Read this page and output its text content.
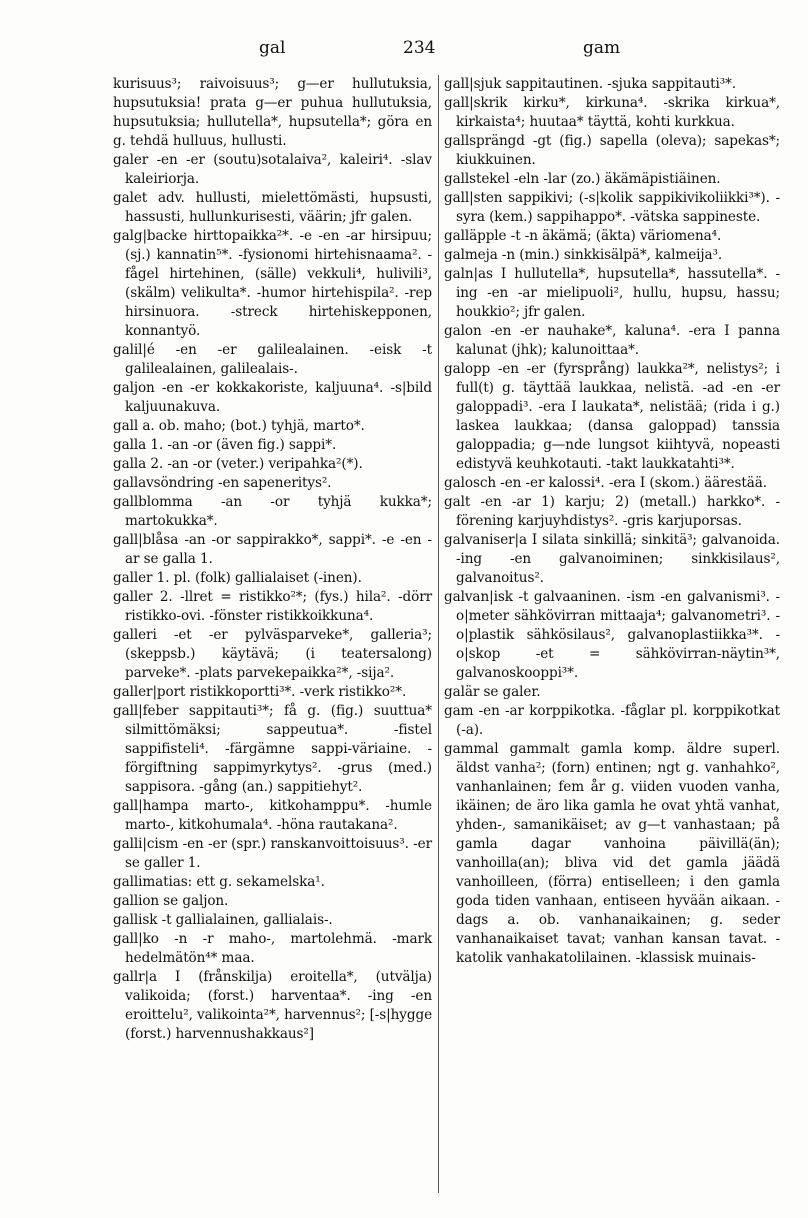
gal	234	gam

kurisuus³; raivoisuus³; g—er hullutuksia, hupsutuksia! prata g—er puhua hullutuksia, hupsutuksia; hullutella*, hupsutella*; göra en g. tehdä hulluus, hullusti.

galer -en -er (soutu)sotalaiva², kaleiri⁴. -slav kaleiriorja.

galet adv. hullusti, mielettömästi, hupsusti, hassusti, hullunkurisesti, väärin; jfr galen.

galg|backe hirttopaikka²*. -e -en -ar hirsipuu; (sj.) kannatin⁵*. -fysionomi hirtehisnaama². -fågel hirtehinen, (sälle) vekkuli⁴, hulivili³, (skälm) velikulta*. -humor hirtehispila². -rep hirsinuora. -streck hirtehiskepponen, konnantyö.

galil|é -en -er galilealainen. -eisk -t galilealainen, galilealais-.

galjon -en -er kokkakoriste, kaljuuna⁴. -s|bild kaljuunakuva.

gall a. ob. maho; (bot.) tyhjä, marto*.

galla 1. -an -or (även fig.) sappi*.

galla 2. -an -or (veter.) veripahka²(*).

gallavsöndring -en sapeneritys².

gallblomma -an -or tyhjä kukka*; martokukka*.

gall|blåsa -an -or sappirakko*, sappi*. -e -en -ar se galla 1.

galler 1. pl. (folk) gallialaiset (-inen).

galler 2. -llret = ristikko²*; (fys.) hila². -dörr ristikko-ovi. -fönster ristikkoikkuna⁴.

galleri -et -er pylväsparveke*, galleria³; (skeppsb.) käytävä; (i teatersalong) parveke*. -plats parvekepaikka²*, -sija².

galler|port ristikkoportti³*. -verk ristikko²*.

gall|feber sappitauti³*; få g. (fig.) suuttua* silmittömäksi; sappeutua*. -fistel sappifisteli⁴. -färgämne sappi-väriaine. -förgiftning sappimyrkytys². -grus (med.) sappisora. -gång (an.) sappitiehyt².

gall|hampa marto-, kitkohamppu*. -humle marto-, kitkohumala⁴. -höna rautakana².

galli|cism -en -er (spr.) ranskanvoittoisuus³. -er se galler 1.

gallimatias: ett g. sekamelska¹.

gallion se galjon.

gallisk -t gallialainen, gallialais-.

gall|ko -n -r maho-, martolehmä. -mark hedelmätön⁴* maa.

gallr|a I (frånskilja) eroitella*, (utvälja) valikoida; (forst.) harventaa*. -ing -en eroittelu², valikointa²*, harvennus²; [-s|hygge (forst.) harvennushakkaus²]

gall|sjuk sappitautinen. -sjuka sappitauti³*.

gall|skrik kirku*, kirkuna⁴. -skrika kirkua*, kirkaista⁴; huutaa* täyttä, kohti kurkkua.

gallsprängd -gt (fig.) sapella (oleva); sapekas*; kiukkuinen.

gallstekel -eln -lar (zo.) äkämäpistiäinen.

gall|sten sappikivi; (-s|kolik sappikivikoliikki³*). -syra (kem.) sappihappo*. -vätska sappineste.

galläpple -t -n äkämä; (äkta) väriomena⁴.

galmeja -n (min.) sinkkisälpä*, kalmeija³.

galn|as I hullutella*, hupsutella*, hassutella*. -ing -en -ar mielipuoli², hullu, hupsu, hassu; houkkio²; jfr galen.

galon -en -er nauhake*, kaluna⁴. -era I panna kalunat (jhk); kalunoittaa*.

galopp -en -er (fyrsprång) laukka²*, nelistys²; i full(t) g. täyttää laukkaa, nelistä. -ad -en -er galoppadi³. -era I laukata*, nelistää; (rida i g.) laskea laukkaa; (dansa galoppad) tanssia galoppadia; g—nde lungsot kiihtyvä, nopeasti edistyvä keuhkotauti. -takt laukkatahti³*.

galosch -en -er kalossi⁴. -era I (skom.) äärestää.

galt -en -ar 1) karju; 2) (metall.) harkko*. -förening karjuyhdistys². -gris karjuporsas.

galvaniser|a I silata sinkillä; sinkitä³; galvanoida. -ing -en galvanoiminen; sinkkisilaus², galvanoitus².

galvan|isk -t galvaaninen. -ism -en galvanismi³. -o|meter sähkövirran mittaaja⁴; galvanometri³. -o|plastik sähkösilaus², galvanoplastiikka³*. -o|skop -et = sähkövirran-näytin³*, galvanoskooppi³*.

galär se galer.

gam -en -ar korppikotka. -fåglar pl. korppikotkat (-a).

gammal gammalt gamla komp. äldre superl. äldst vanha²; (forn) entinen; ngt g. vanhahko², vanhanlainen; fem år g. viiden vuoden vanha, ikäinen; de äro lika gamla he ovat yhtä vanhat, yhden-, samanikäiset; av g—t vanhastaan; på gamla dagar vanhoina päivillä(än); vanhoilla(an); bliva vid det gamla jäädä vanhoilleen, (förra) entiselleen; i den gamla goda tiden vanhaan, entiseen hyvään aikaan. -dags a. ob. vanhanaikainen; g. seder vanhanaikaiset tavat; vanhan kansan tavat. -katolik vanhakatolilainen. -klassisk muinais-
